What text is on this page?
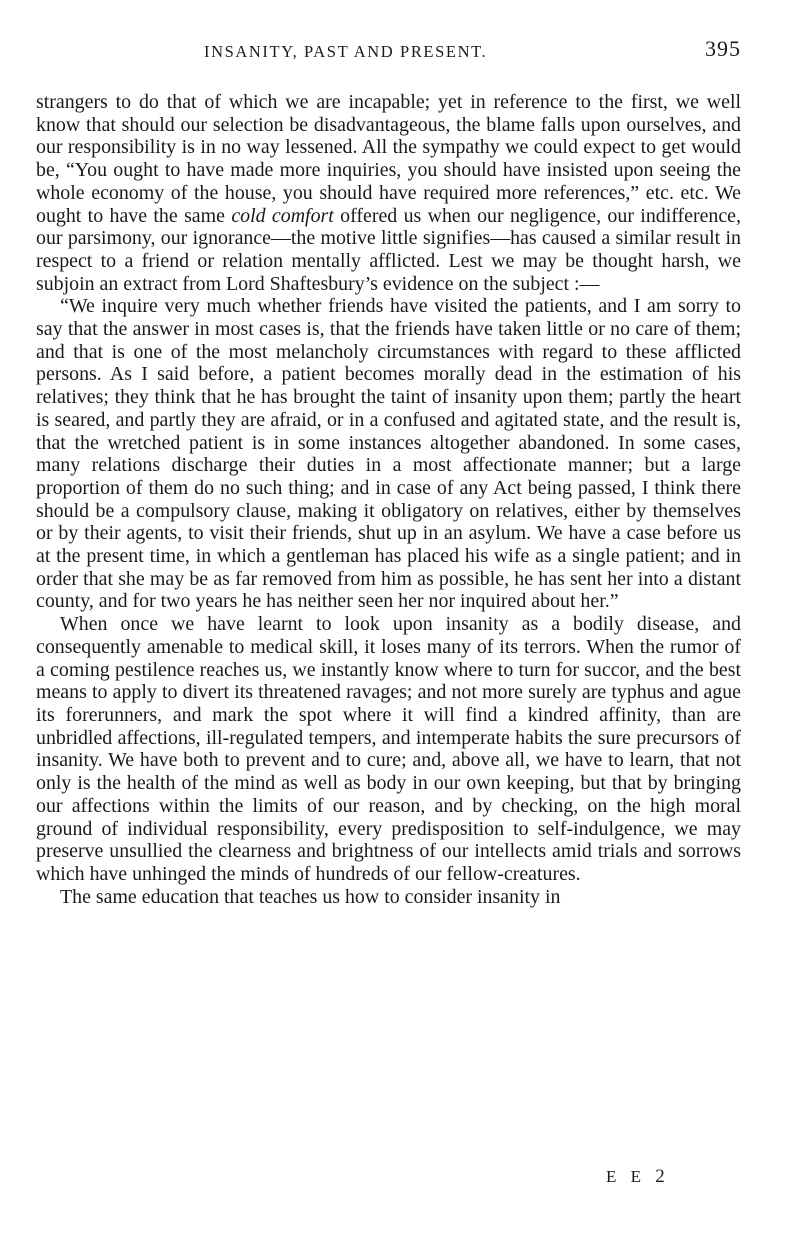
INSANITY, PAST AND PRESENT.	395

strangers to do that of which we are incapable; yet in reference to the first, we well know that should our selection be disadvantageous, the blame falls upon ourselves, and our responsibility is in no way lessened. All the sympathy we could expect to get would be, “You ought to have made more inquiries, you should have insisted upon seeing the whole economy of the house, you should have required more references,” etc. etc. We ought to have the same cold comfort offered us when our negligence, our indifference, our parsimony, our ignorance—the motive little signifies—has caused a similar result in respect to a friend or relation mentally afflicted. Lest we may be thought harsh, we subjoin an extract from Lord Shaftesbury’s evidence on the subject :—

“We inquire very much whether friends have visited the patients, and I am sorry to say that the answer in most cases is, that the friends have taken little or no care of them; and that is one of the most melancholy circumstances with regard to these afflicted persons. As I said before, a patient becomes morally dead in the estimation of his relatives; they think that he has brought the taint of insanity upon them; partly the heart is seared, and partly they are afraid, or in a confused and agitated state, and the result is, that the wretched patient is in some instances altogether abandoned. In some cases, many relations discharge their duties in a most affectionate manner; but a large proportion of them do no such thing; and in case of any Act being passed, I think there should be a compulsory clause, making it obligatory on relatives, either by themselves or by their agents, to visit their friends, shut up in an asylum. We have a case before us at the present time, in which a gentleman has placed his wife as a single patient; and in order that she may be as far removed from him as possible, he has sent her into a distant county, and for two years he has neither seen her nor inquired about her.”

When once we have learnt to look upon insanity as a bodily disease, and consequently amenable to medical skill, it loses many of its terrors. When the rumor of a coming pestilence reaches us, we instantly know where to turn for succor, and the best means to apply to divert its threatened ravages; and not more surely are typhus and ague its forerunners, and mark the spot where it will find a kindred affinity, than are unbridled affections, ill-regulated tempers, and intemperate habits the sure precursors of insanity. We have both to prevent and to cure; and, above all, we have to learn, that not only is the health of the mind as well as body in our own keeping, but that by bringing our affections within the limits of our reason, and by checking, on the high moral ground of individual responsibility, every predisposition to self-indulgence, we may preserve unsullied the clearness and brightness of our intellects amid trials and sorrows which have unhinged the minds of hundreds of our fellow-creatures.

The same education that teaches us how to consider insanity in

E E 2
